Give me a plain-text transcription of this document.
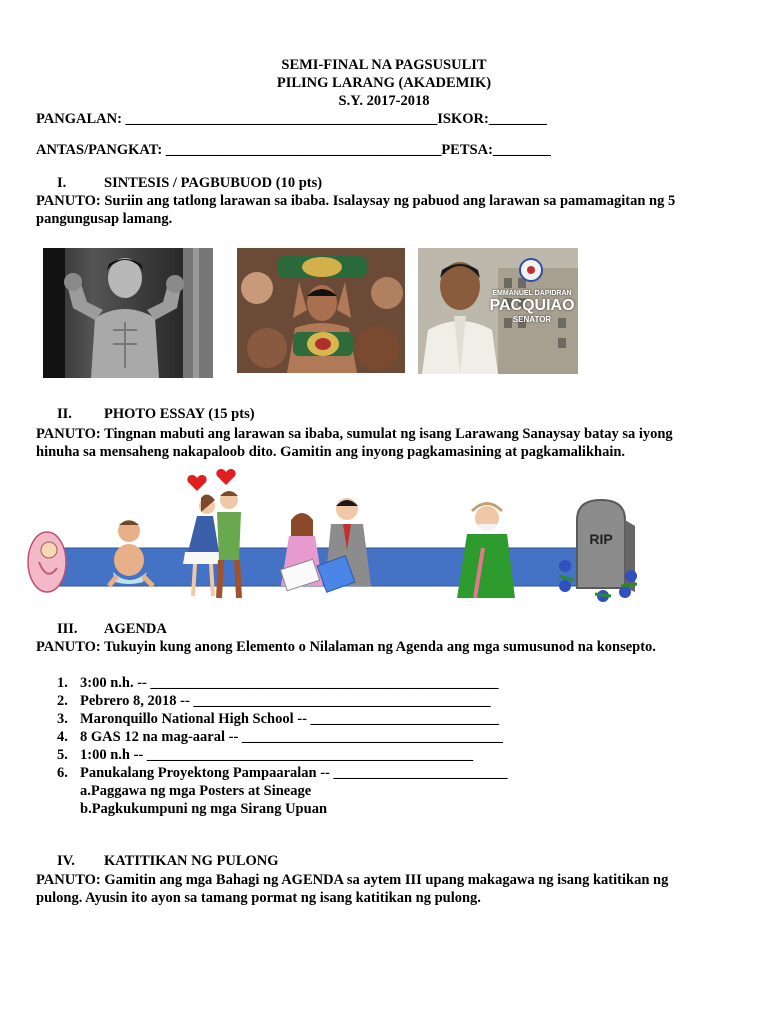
SEMI-FINAL NA PAGSUSULIT
PILING LARANG (AKADEMIK)
S.Y. 2017-2018
PANGALAN: ___________________________________________ISKOR:________
ANTAS/PANGKAT: ______________________________________PETSA:________
I.	SINTESIS / PAGBUBUOD (10 pts)
PANUTO: Suriin ang tatlong larawan sa ibaba. Isalaysay ng pabuod ang larawan sa pamamagitan ng 5
pangungusap lamang.
EMMANUEL DAPIDRAN
PACQUIAO
SENATOR
II. PHOTO ESSAY (15 pts)
PANUTO: Tingnan mabuti ang larawan sa ibaba, sumulat ng isang Larawang Sanaysay batay sa iyong
hinuha sa mensaheng nakapaloob dito. Gamitin ang inyong pagkamasining at pagkamalikhain.
RIP
III. AGENDA
PANUTO: Tukuyin kung anong Elemento o Nilalaman ng Agenda ang mga sumusunod na konsepto.
1. 3:00 n.h. -- ________________________________________________
2. Pebrero 8, 2018 -- _________________________________________
3. Maronquillo National High School -- __________________________
4. 8 GAS 12 na mag-aaral -- ____________________________________
5. 1:00 n.h -- _____________________________________________
6. Panukalang Proyektong Pampaaralan -- ________________________
a.Paggawa ng mga Posters at Sineage
b.Pagkukumpuni ng mga Sirang Upuan
IV. KATITIKAN NG PULONG
PANUTO: Gamitin ang mga Bahagi ng AGENDA sa aytem III upang makagawa ng isang katitikan ng
pulong. Ayusin ito ayon sa tamang pormat ng isang katitikan ng pulong.
